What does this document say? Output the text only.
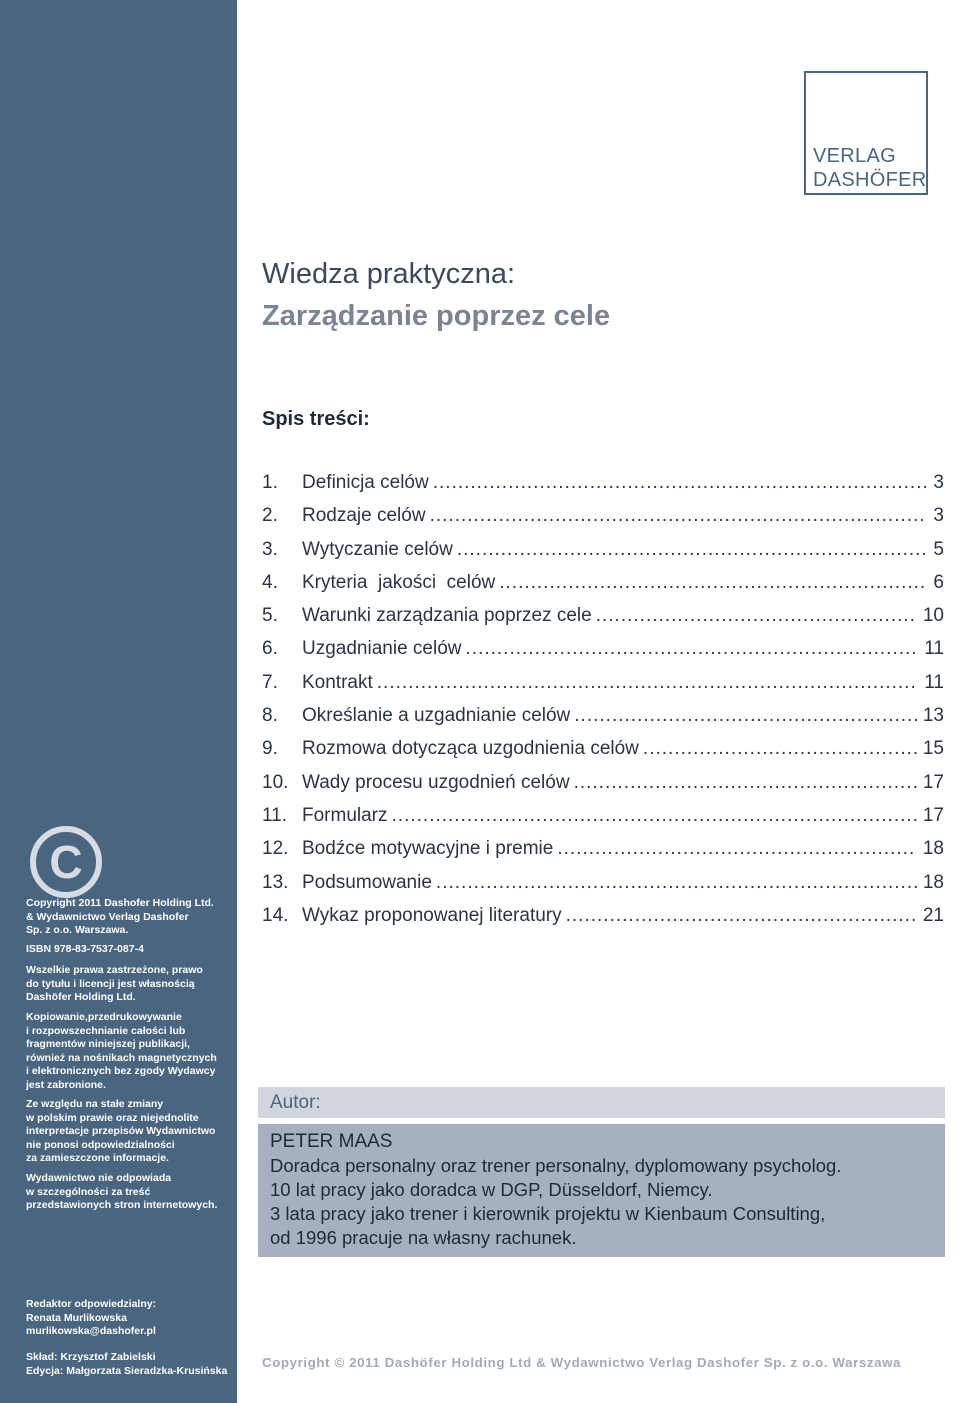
C
Copyright 2011 Dashofer Holding Ltd.
& Wydawnictwo Verlag Dashofer
Sp. z o.o. Warszawa.
ISBN 978-83-7537-087-4
Wszelkie prawa zastrzeżone, prawo
do tytułu i licencji jest własnością
Dashöfer Holding Ltd.
Kopiowanie,przedrukowywanie
i rozpowszechnianie całości lub
fragmentów niniejszej publikacji,
również na nośnikach magnetycznych
i elektronicznych bez zgody Wydawcy
jest zabronione.
Ze względu na stałe zmiany
w polskim prawie oraz niejednolite
interpretacje przepisów Wydawnictwo
nie ponosi odpowiedzialności
za zamieszczone informacje.
Wydawnictwo nie odpowiada
w szczególności za treść
przedstawionych stron internetowych.
Redaktor odpowiedzialny:
Renata Murlikowska
murlikowska@dashofer.pl
Skład: Krzysztof Zabielski
Edycja: Małgorzata Sieradzka-Krusińska
VERLAG
DASHÖFER
Wiedza praktyczna:
Zarządzanie poprzez cele
Spis treści:
1.	Definicja celów .....	3
2.	Rodzaje celów .....	3
3.	Wytyczanie celów .....	5
4.	Kryteria  jakości  celów .....	6
5.	Warunki zarządzania poprzez cele .....	10
6.	Uzgadnianie celów .....	11
7.	Kontrakt .....	11
8.	Określanie a uzgadnianie celów .....	13
9.	Rozmowa dotycząca uzgodnienia celów .....	15
10. Wady procesu uzgodnień celów .....	17
11. Formularz .....	17
12. Bodźce motywacyjne i premie .....	18
13. Podsumowanie .....	18
14. Wykaz proponowanej literatury .....	21
Autor:
PETER MAAS
Doradca personalny oraz trener personalny, dyplomowany psycholog.
10 lat pracy jako doradca w DGP, Düsseldorf, Niemcy.
3 lata pracy jako trener i kierownik projektu w Kienbaum Consulting,
od 1996 pracuje na własny rachunek.
Copyright © 2011 Dashöfer Holding Ltd & Wydawnictwo Verlag Dashofer Sp. z o.o. Warszawa
